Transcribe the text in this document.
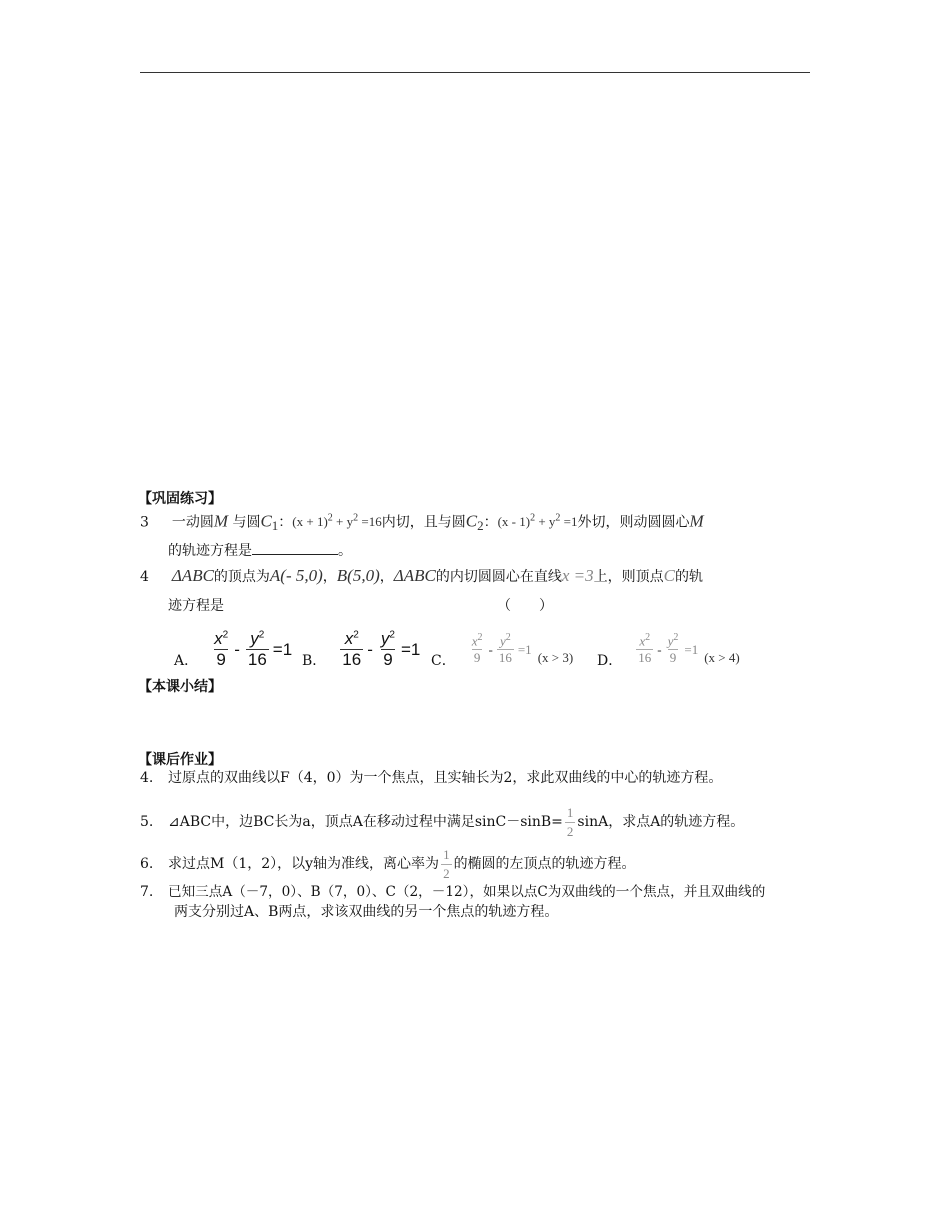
【巩固练习】
3 一动圆M 与圆$C_1$：$(x + 1)^2 + y^2 =16$内切，且与圆$C_2$：$(x - 1)^2 + y^2 =1$外切，则动圆圆心M
的轨迹方程是	。
4 ΔABC的顶点为A(- 5,0)，B(5,0)，ΔABC的内切圆圆心在直线x =3上，则顶点C的轨
迹方程是	（　　）
A． $\frac{x^2}{9} - \frac{y^2}{16} =1$
B． $\frac{x^2}{16} - \frac{y^2}{9} =1$
C． $\frac{x^2}{9} - \frac{y^2}{16} =1$
(x > 3) D． $\frac{x^2}{16} - \frac{y^2}{9} =1$
(x > 4)
【本课小结】
【课后作业】
4. 过原点的双曲线以F（4，0）为一个焦点，且实轴长为2，求此双曲线的中心的轨迹方程。
5.	⊿ABC中，边BC长为a，顶点A在移动过程中满足$\sin C-\sin B= \frac{1}{2}$ sinA，求点A的轨迹方程。
6.	求过点M（1，2），以y轴为准线，离心率为 $\frac{1}{2}$ 的椭圆的左顶点的轨迹方程。
7. 已知三点A（－7，0）、B（7，0）、C（2，－12），如果以点C为双曲线的一个焦点，并且双曲线的
两支分别过A、B两点，求该双曲线的另一个焦点的轨迹方程。
